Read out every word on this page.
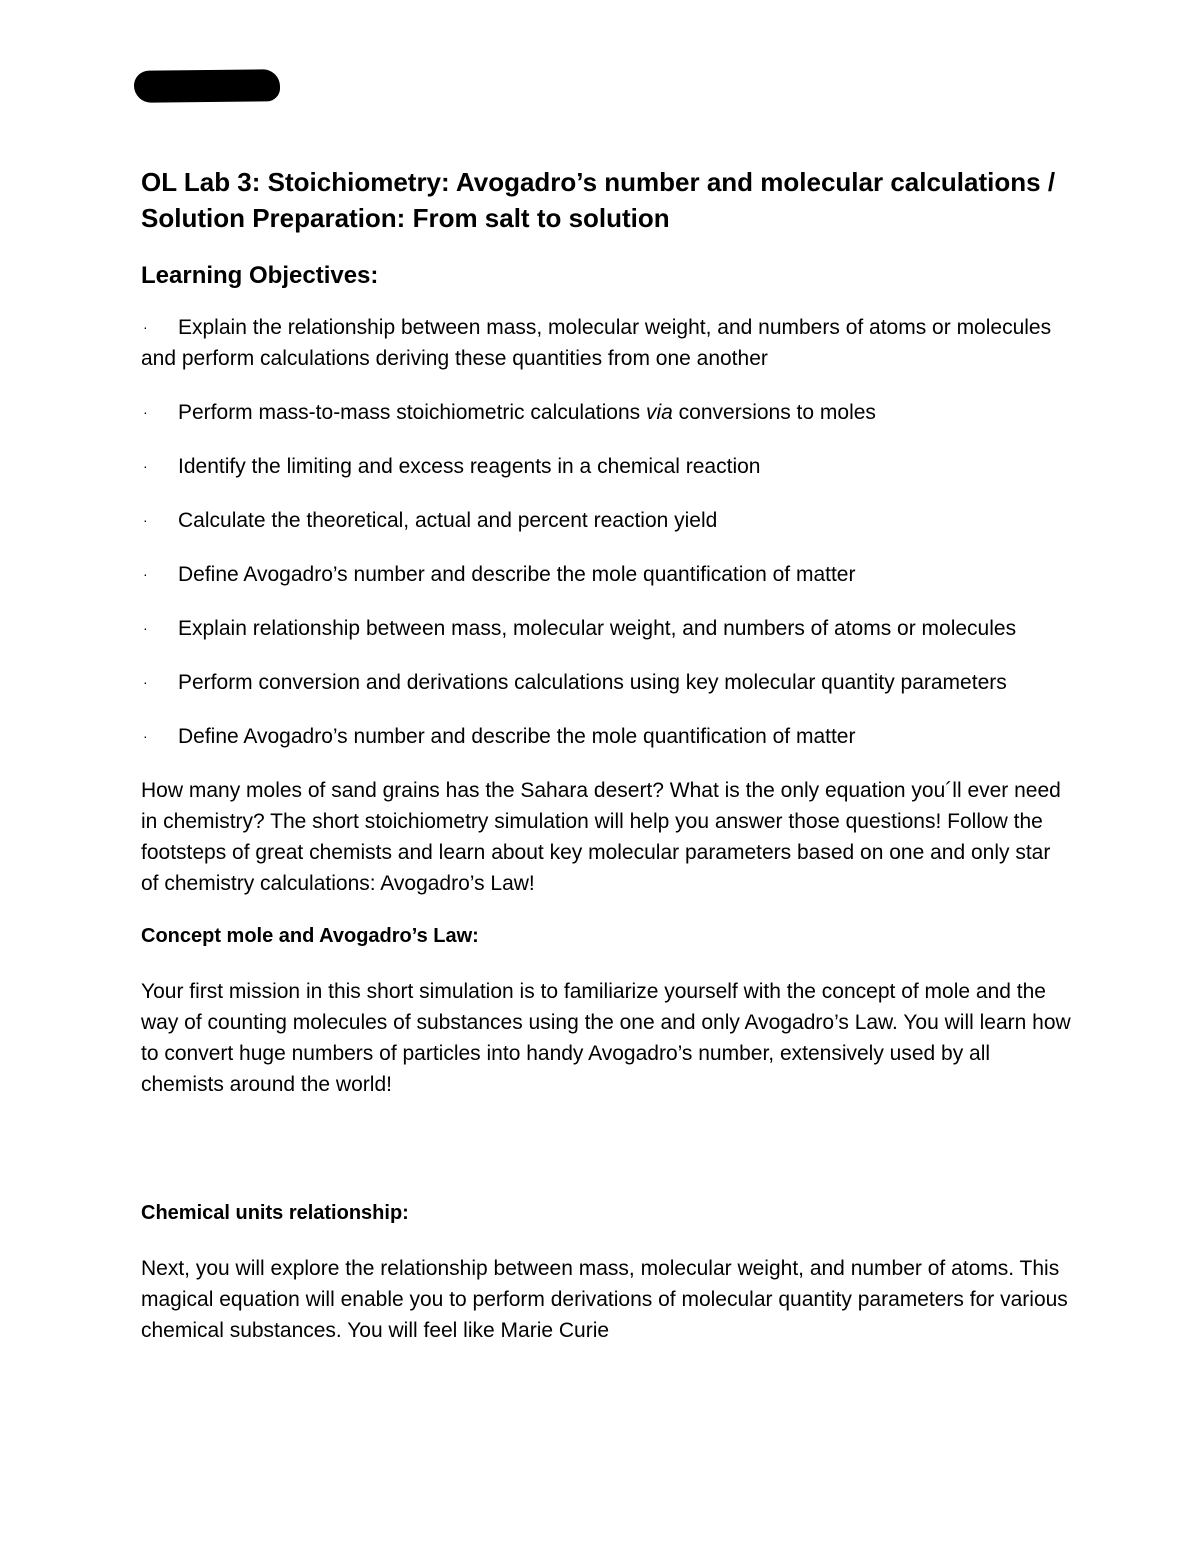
OL Lab 3: Stoichiometry: Avogadro’s number and molecular calculations / Solution Preparation: From salt to solution
Learning Objectives:
· Explain the relationship between mass, molecular weight, and numbers of atoms or molecules and perform calculations deriving these quantities from one another
· Perform mass-to-mass stoichiometric calculations via conversions to moles
· Identify the limiting and excess reagents in a chemical reaction
· Calculate the theoretical, actual and percent reaction yield
· Define Avogadro’s number and describe the mole quantification of matter
· Explain relationship between mass, molecular weight, and numbers of atoms or molecules
· Perform conversion and derivations calculations using key molecular quantity parameters
· Define Avogadro’s number and describe the mole quantification of matter

How many moles of sand grains has the Sahara desert? What is the only equation you´ll ever need in chemistry? The short stoichiometry simulation will help you answer those questions! Follow the footsteps of great chemists and learn about key molecular parameters based on one and only star of chemistry calculations: Avogadro’s Law!

Concept mole and Avogadro’s Law:

Your first mission in this short simulation is to familiarize yourself with the concept of mole and the way of counting molecules of substances using the one and only Avogadro’s Law. You will learn how to convert huge numbers of particles into handy Avogadro’s number, extensively used by all chemists around the world!

Chemical units relationship:

Next, you will explore the relationship between mass, molecular weight, and number of atoms. This magical equation will enable you to perform derivations of molecular quantity parameters for various chemical substances. You will feel like Marie Curie
